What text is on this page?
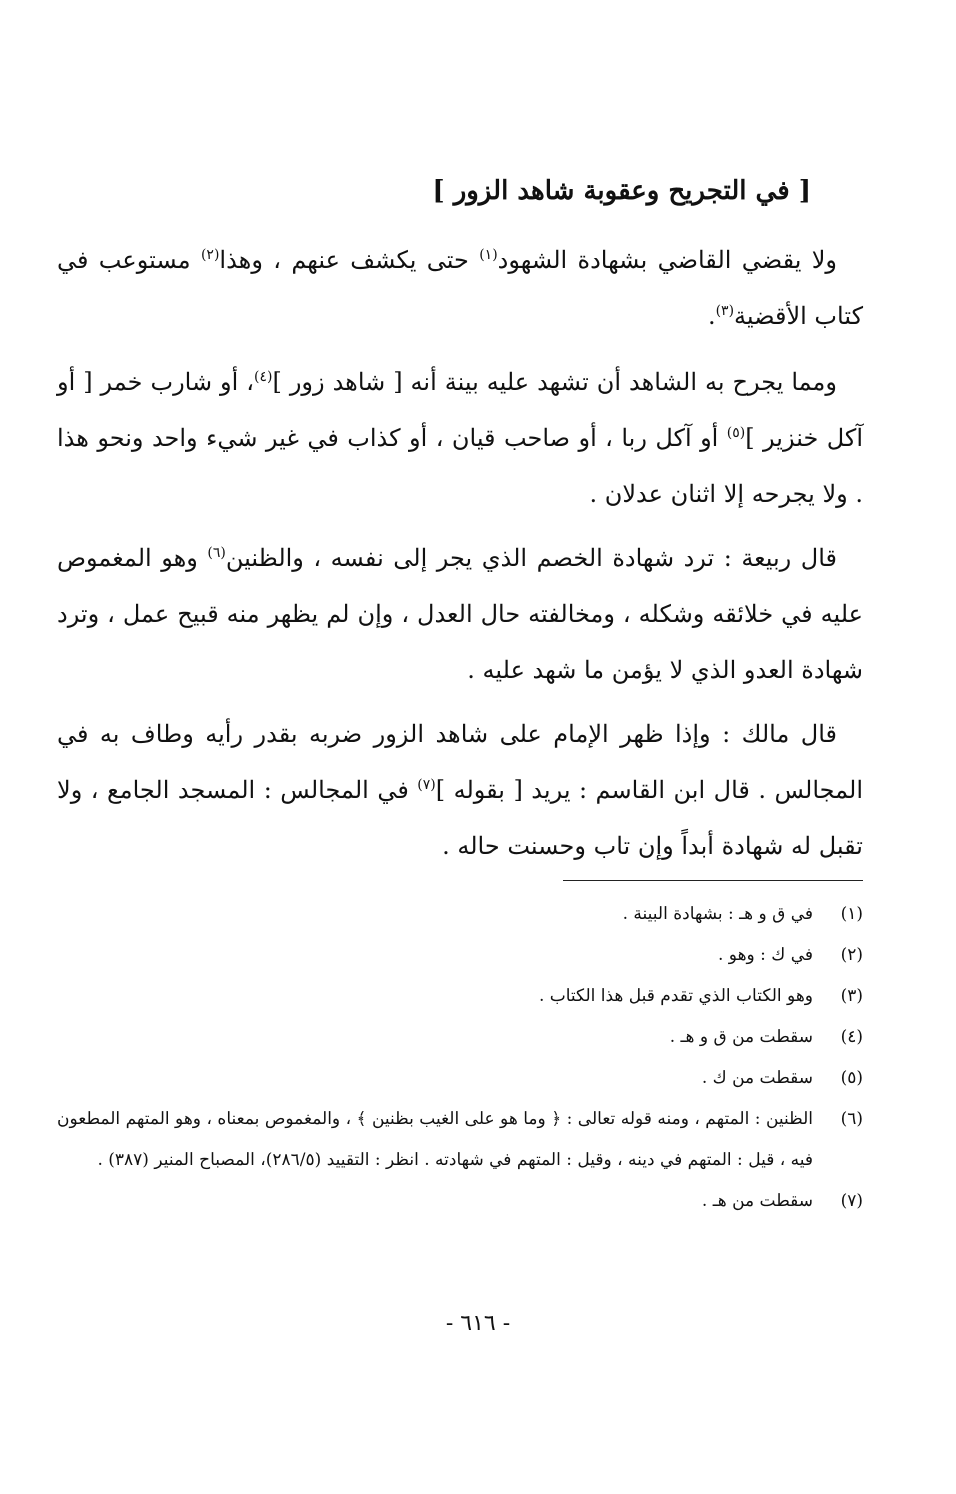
[ في التجريح وعقوبة شاهد الزور ]

ولا يقضي القاضي بشهادة الشهود$^{(١)}$ حتى يكشف عنهم ، وهذا$^{(٢)}$ مستوعب في كتاب الأقضية$^{(٣)}$.

ومما يجرح به الشاهد أن تشهد عليه بينة أنه [ شاهد زور ]$^{(٤)}$، أو شارب خمر [ أو آكل خنزير ]$^{(٥)}$ أو آكل ربا ، أو صاحب قيان ، أو كذاب في غير شيء واحد ونحو هذا . ولا يجرحه إلا اثنان عدلان .

قال ربيعة : ترد شهادة الخصم الذي يجر إلى نفسه ، والظنين$^{(٦)}$ وهو المغموص عليه في خلائقه وشكله ، ومخالفته حال العدل ، وإن لم يظهر منه قبيح عمل ، وترد شهادة العدو الذي لا يؤمن ما شهد عليه .

قال مالك : وإذا ظهر الإمام على شاهد الزور ضربه بقدر رأيه وطاف به في المجالس . قال ابن القاسم : يريد [ بقوله ]$^{(٧)}$ في المجالس : المسجد الجامع ، ولا تقبل له شهادة أبداً وإن تاب وحسنت حاله .

(١)
في ق و هـ : بشهادة البينة .
(٢)
في ك : وهو .
(٣)
وهو الكتاب الذي تقدم قبل هذا الكتاب .
(٤)
سقطت من ق و هـ .
(٥)
سقطت من ك .
(٦)
الظنين : المتهم ، ومنه قوله تعالى : ﴿ وما هو على الغيب بظنين ﴾ ، والمغموص بمعناه ، وهو المتهم المطعون فيه ، قيل : المتهم في دينه ، وقيل : المتهم في شهادته . انظر : التقييد (٢٨٦/٥)، المصباح المنير (٣٨٧) .
(٧)
سقطت من هـ .
- ٦١٦ -
